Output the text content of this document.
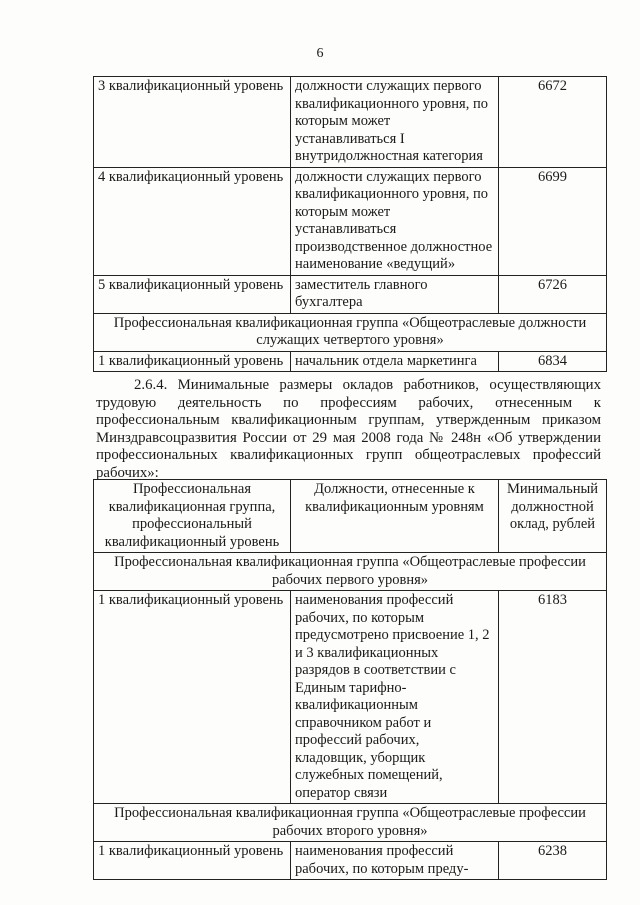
6
3 квалификационный уровень	должности служащих первого квалификационного уровня, по которым может устанавливаться I внутридолжностная категория	6672
4 квалификационный уровень	должности служащих первого квалификационного уровня, по которым может устанавливаться производственное должностное наименование «ведущий»	6699
5 квалификационный уровень	заместитель главного бухгалтера	6726
Профессиональная квалификационная группа «Общеотраслевые должности служащих четвертого уровня»		
1 квалификационный уровень	начальник отдела маркетинга	6834
2.6.4. Минимальные размеры окладов работников, осуществляющих трудовую деятельность по профессиям рабочих, отнесенным к профессиональным квалификационным группам, утвержденным приказом Минздравсоцразвития России от 29 мая 2008 года № 248н «Об утверждении профессиональных квалификационных групп общеотраслевых профессий рабочих»:
Профессиональная квалификационная группа, профессиональный квалификационный уровень	Должности, отнесенные к квалификационным уровням	Минимальный должностной оклад, рублей
Профессиональная квалификационная группа «Общеотраслевые профессии рабочих первого уровня»		
1 квалификационный уровень	наименования профессий рабочих, по которым предусмотрено присвоение 1, 2 и 3 квалификационных разрядов в соответствии с Единым тарифно-квалификационным справочником работ и профессий рабочих, кладовщик, уборщик служебных помещений, оператор связи	6183
Профессиональная квалификационная группа «Общеотраслевые профессии рабочих второго уровня»		
1 квалификационный уровень	наименования профессий рабочих, по которым преду-	6238
